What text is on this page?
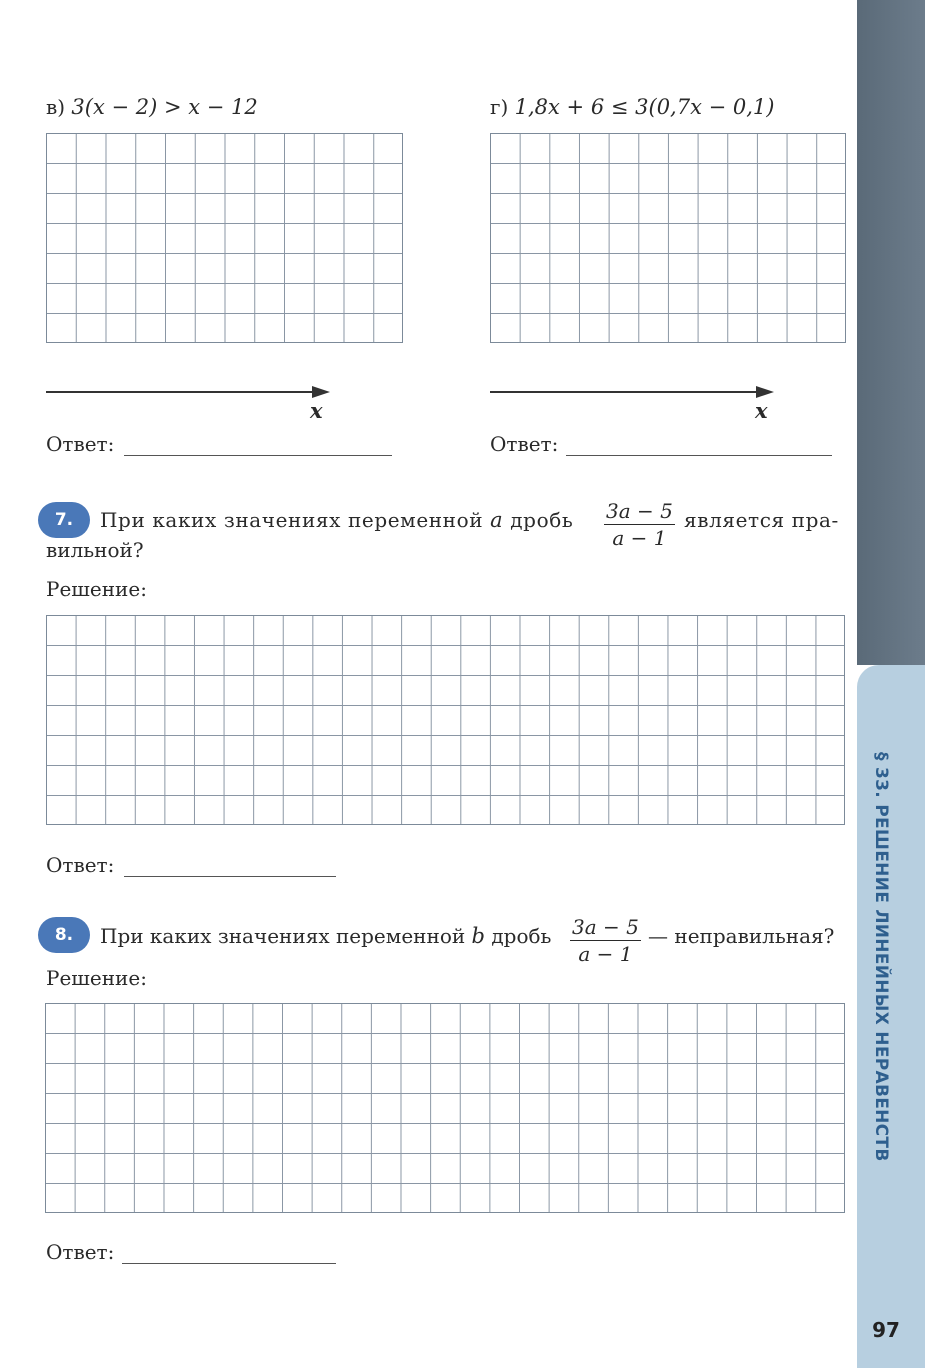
в) 3(x − 2) > x − 12
x
Ответ:
г) 1,8x + 6 ≤ 3(0,7x − 0,1)
x
Ответ:
7.	При каких значениях переменной a дробь $\frac{3a - 5}{a - 1}$ является пра-
вильной?
Решение:
Ответ:
8.	При каких значениях переменной b дробь $\frac{3a - 5}{a - 1}$ — неправильная?
Решение:
Ответ:
§ 33. РЕШЕНИЕ ЛИНЕЙНЫХ НЕРАВЕНСТВ
97
